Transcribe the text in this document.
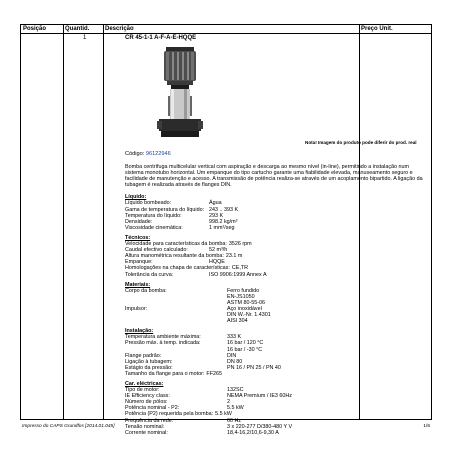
Posição	Quantid.	Descrição	Preço Unit.
1	CR 45-1-1 A-F-A-E-HQQE
Nota! Imagem do produto pode diferir do prod. real
Código: 96122946

Bomba centrífuga multicelular vertical com aspiração e descarga ao mesmo nível (in-line), permitindo a instalação num sistema monotubo horizontal. Um empanque do tipo cartucho garante uma fiabilidade elevada, manuseamento seguro e facilidade de manutenção e acesso. A transmissão de potência realiza-se através de um acoplamento bipartido. A ligação da tubagem é realizada através de flanges DIN.

Líquido:
Líquido bombeado:	Água
Gama de temperatura do líquido: 243 .. 393 K
Temperatura do líquido:	293 K
Densidade:	998.2 kg/m³
Viscosidade cinemática:	1 mm²/seg
Técnicos:
Velocidade para características da bomba: 3526 rpm
Caudal efectivo calculado:	52 m³/h
Altura manométrica resultante da bomba: 23.1 m
Empanque:	HQQE
Homologações na chapa de características: CE,TR
Tolerância da curva:	ISO 9906:1999 Annex A
Materiais:
Corpo da bomba:	Ferro fundido
EN-JS1050
ASTM 80-55-06
Impulsor:	Aço inoxidável
DIN W.-Nr. 1.4301
AISI 304
Instalação:
Temperatura ambiente máxima:	333 K
Pressão máx. à temp. indicada:	16 bar / 120 °C
16 bar / -30 °C
Flange padrão:	DIN
Ligação à tubagem:	DN 80
Estágio da pressão:	PN 16 / PN 25 / PN 40
Tamanho da flange para o motor: FF265
Car. eléctricas:
Tipo de motor:	132SC
IE Efficiency class:	NEMA Premium / IE3 60Hz
Número de pólos:	2
Potência nominal - P2:	5.5 kW
Potência (P2) requerida pela bomba: 5.5 kW
Frequência da rede:	60 Hz
Tensão nominal:	3 x 220-277 D/380-480 Y V
Corrente nominal:	18,4-16,2/10,6-9,30 A
Impresso do CAPS Grundfos [2014.01.045]	1/6
